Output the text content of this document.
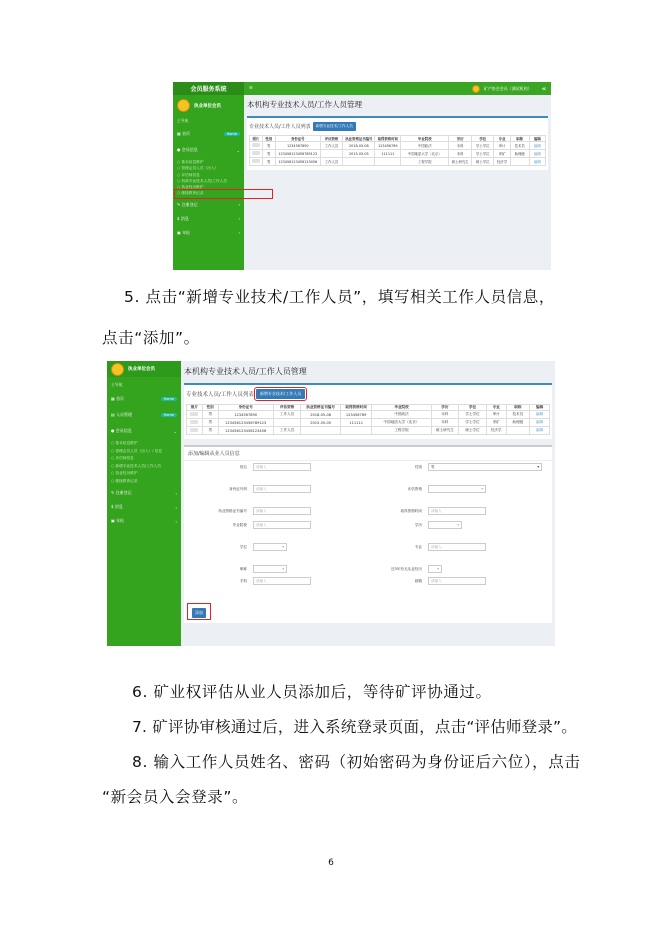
会员服务系统
执业单位会员
主导航
▦ 首页	Home
● 会员信息	⌄
○ 基本信息维护
○ 管理会员人员（出入）
○ 评估师信息
○ 机构专业技术人员/工作人员
○ 执业经历维护
○ 继续教育记录
✎ 注册登记	‹
$ 消息	‹
▣ 年检	‹
≡	矿产协会会员（测试机构）	≪
本机构专业技术人员/工作人员管理
专业技术人员/工作人员列表	新增专业技术/工作人员
照片	性别	身份证号	评估资格	执业资格证书编号	取得资格时间	毕业院校	学历	学位	专业	职称	编辑
	男	1234567890	工作人员	2018-05-08	123456789	中国政法	本科	学士学位	审计	技术员	编辑
	男	123456123456789123		2015-05-05	111111	中国地质大学（北京）	本科	学士学位	采矿	助理级	编辑
	男	123456123456123456	工作人员			工程学院	硕士研究生	硕士学位	经济学		编辑
5. 点击“新增专业技术/工作人员”，填写相关工作人员信息，
点击“添加”。
执业单位会员
主导航
▦ 首页	Home
▤ 人员管理	Home
● 会员信息	⌄
○ 基本信息维护
○ 管理会员人员（出入）/ 信息
○ 评估师信息
○ 新增专业技术人员/工作人员
○ 执业经历维护
○ 继续教育记录
✎ 注册登记	‹
$ 消息	‹
▣ 年检	‹
本机构专业技术人员/工作人员管理
专业技术人员/工作人员列表	新增专业技术/工作人员
照片	性别	身份证号	评估资格	执业资格证书编号	取得资格时间	毕业院校	学历	学位	专业	职称	编辑
	男	1234567890	工作人员	2018-05-08	123456789	中国政法	本科	学士学位	审计	技术员	编辑
	男	123456123456789123		2015-05-05	111111	中国地质大学（北京）	本科	学士学位	采矿	助理级	编辑
	男	123456123456123456	工作人员			工程学院	硕士研究生	硕士学位	经济学		编辑
添加/编辑从业人员信息
姓名	请输入
身份证号码	请输入
执业资格证书编号	请输入
毕业院校	请输入
学位	▾
职称	▾
手机	请输入
性别	男	▾
评估资格	▾
取得资格时间	请输入
学历	▾
专业	请输入
近3年有无从业经历	▾
邮箱	请输入
添加
6. 矿业权评估从业人员添加后，等待矿评协通过。
7. 矿评协审核通过后，进入系统登录页面，点击“评估师登录”。
8. 输入工作人员姓名、密码（初始密码为身份证后六位），点击
“新会员入会登录”。
6
